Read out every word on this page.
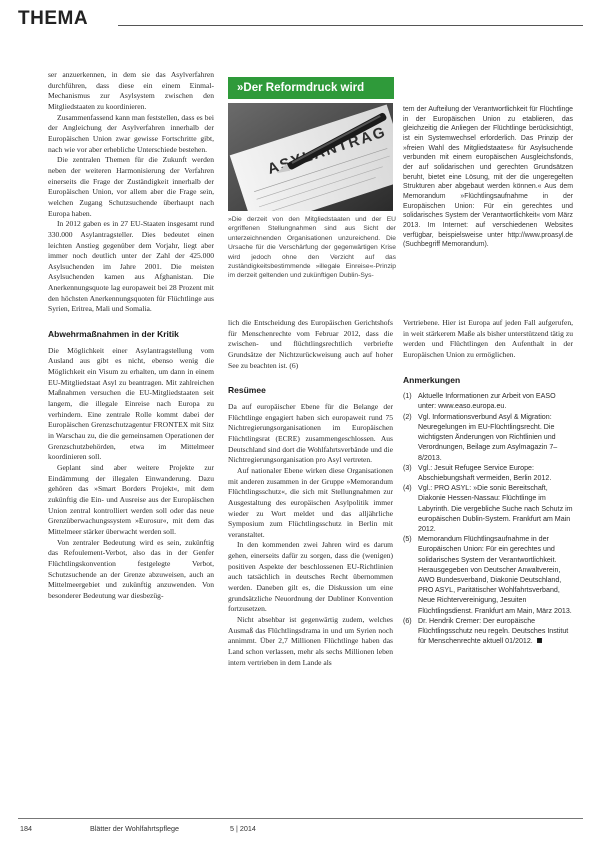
THEMA

ser anzuerkennen, in dem sie das Asylverfahren durchführen, dass diese ein einem Einmal-Mechanismus zur Asylsystem zwischen den Mitgliedstaaten zu koordinieren.

Zusammenfassend kann man feststellen, dass es bei der Angleichung der Asylverfahren innerhalb der Europäischen Union zwar gewisse Fortschritte gibt, nach wie vor aber erhebliche Unterschiede bestehen.

Die zentralen Themen für die Zukunft werden neben der weiteren Harmonisierung der Verfahren einerseits die Frage der Zuständigkeit innerhalb der Europäischen Union, vor allem aber die Frage sein, welchen Zugang Schutzsuchende überhaupt nach Europa haben.

In 2012 gaben es in 27 EU-Staaten insgesamt rund 330.000 Asylantragsteller. Dies bedeutet einen leichten Anstieg gegenüber dem Vorjahr, liegt aber immer noch deutlich unter der Zahl der 425.000 Asylsuchenden im Jahre 2001. Die meisten Asylsuchenden kamen aus Afghanistan. Die Anerkennungsquote lag europaweit bei 28 Prozent mit den höchsten Anerkennungsquoten für Flüchtlinge aus Syrien, Eritrea, Mali und Somalia.

Abwehrmaßnahmen in der Kritik

Die Möglichkeit einer Asylantragstellung vom Ausland aus gibt es nicht, ebenso wenig die Möglichkeit ein Visum zu erhalten, um dann in einem EU-Mitgliedstaat Asyl zu beantragen. Mit zahlreichen Maßnahmen versuchen die EU-Mitgliedstaaten seit langem, die illegale Einreise nach Europa zu verhindern. Eine zentrale Rolle kommt dabei der Europäischen Grenzschutzagentur FRONTEX mit Sitz in Warschau zu, die die gemeinsamen Operationen der Grenzschutzbehörden, etwa im Mittelmeer koordinieren soll.

Geplant sind aber weitere Projekte zur Eindämmung der illegalen Einwanderung. Dazu gehören das »Smart Borders Projekt«, mit dem zukünftig die Ein- und Ausreise aus der Europäischen Union zentral kontrolliert werden soll oder das neue Grenzüberwachungssystem »Eurosur«, mit dem das Mittelmeer stärker überwacht werden soll.

Von zentraler Bedeutung wird es sein, zukünftig das Refoulement-Verbot, also das in der Genfer Flüchtlingskonvention festgelegte Verbot, Schutzsuchende an der Grenze abzuweisen, auch an Mittelmeergebiet und zukünftig anzuwenden. Von besonderer Bedeutung war diesbezüg-

»Der Reformdruck wird
»Die derzeit von den Mitgliedstaaten und der EU ergriffenen Stellungnahmen sind aus Sicht der unterzeichnenden Organisationen unzureichend. Die Ursache für die Verschärfung der gegenwärtigen Krise wird jedoch ohne den Verzicht auf das zuständigkeitsbestimmende »illegale Einreise«-Prinzip im derzeit geltenden und zukünftigen Dublin-Sys-

tem der Aufteilung der Verantwortlichkeit für Flüchtlinge in der Europäischen Union zu etablieren, das gleichzeitig die Anliegen der Flüchtlinge berücksichtigt, ist ein Systemwechsel erforderlich. Das Prinzip der »freien Wahl des Mitgliedstaates« für Asylsuchende verbunden mit einem europäischen Ausgleichsfonds, der auf solidarischen und gerechten Grundsätzen beruht, bietet eine Lösung, mit der die ungeregelten Strukturen aber abgebaut werden können.« Aus dem Memorandum »Flüchtlingsaufnahme in der Europäischen Union: Für ein gerechtes und solidarisches System der Verantwortlichkeit« vom März 2013. Im Internet: auf verschiedenen Websites verfügbar, beispielsweise unter http://www.proasyl.de (Suchbegriff Memorandum).

lich die Entscheidung des Europäischen Gerichtshofs für Menschenrechte vom Februar 2012, dass die zwischen- und flüchtlingsrechtlich verbriefte Grundsätze der Nichtzurückweisung auch auf hoher See zu beachten ist. (6)

Resümee

Da auf europäischer Ebene für die Belange der Flüchtlinge engagiert haben sich europaweit rund 75 Nichtregierungsorganisationen im Europäischen Flüchtlingsrat (ECRE) zusammengeschlossen. Aus Deutschland sind dort die Wohlfahrtsverbände und die Nichtregierungsorganisation pro Asyl vertreten.

Auf nationaler Ebene wirken diese Organisationen mit anderen zusammen in der Gruppe »Memorandum Flüchtlingsschutz«, die sich mit Stellungnahmen zur Ausgestaltung des europäischen Asylpolitik immer wieder zu Wort meldet und das alljährliche Symposium zum Flüchtlingsschutz in Berlin mit veranstaltet.

In den kommenden zwei Jahren wird es darum gehen, einerseits dafür zu sorgen, dass die (wenigen) positiven Aspekte der beschlossenen EU-Richtlinien auch tatsächlich in deutsches Recht übernommen werden. Daneben gilt es, die Diskussion um eine grundsätzliche Neuordnung der Dubliner Konvention fortzusetzen.

Nicht absehbar ist gegenwärtig zudem, welches Ausmaß das Flüchtlingsdrama in und um Syrien noch annimmt. Über 2,7 Millionen Flüchtlinge haben das Land schon verlassen, mehr als sechs Millionen leben intern vertrieben in dem Lande als

Vertriebene. Hier ist Europa auf jeden Fall aufgerufen, in weit stärkerem Maße als bisher unterstützend tätig zu werden und Flüchtlingen den Aufenthalt in der Europäischen Union zu ermöglichen.

Anmerkungen
(1) Aktuelle Informationen zur Arbeit von EASO unter: www.easo.europa.eu.
(2) Vgl. Informationsverbund Asyl & Migration: Neuregelungen im EU-Flüchtlingsrecht. Die wichtigsten Änderungen von Richtlinien und Verordnungen, Beilage zum Asylmagazin 7–8/2013.
(3) Vgl.: Jesuit Refugee Service Europe: Abschiebungshaft vermeiden, Berlin 2012.
(4) Vgl.: PRO ASYL: »Die sonic Bereitschaft, Diakonie Hessen-Nassau: Flüchtlinge im Labyrinth. Die vergebliche Suche nach Schutz im europäischen Dublin-System. Frankfurt am Main 2012.
(5) Memorandum Flüchtlingsaufnahme in der Europäischen Union: Für ein gerechtes und solidarisches System der Verantwortlichkeit. Herausgegeben von Deutscher Anwaltverein, AWO Bundesverband, Diakonie Deutschland, PRO ASYL, Paritätischer Wohlfahrtsverband, Neue Richtervereinigung, Jesuiten Flüchtlingsdienst. Frankfurt am Main, März 2013.
(6) Dr. Hendrik Cremer: Der europäische Flüchtlingsschutz neu regeln. Deutsches Institut für Menschenrechte aktuell 01/2012.
184	Blätter der Wohlfahrtspflege	5 | 2014
